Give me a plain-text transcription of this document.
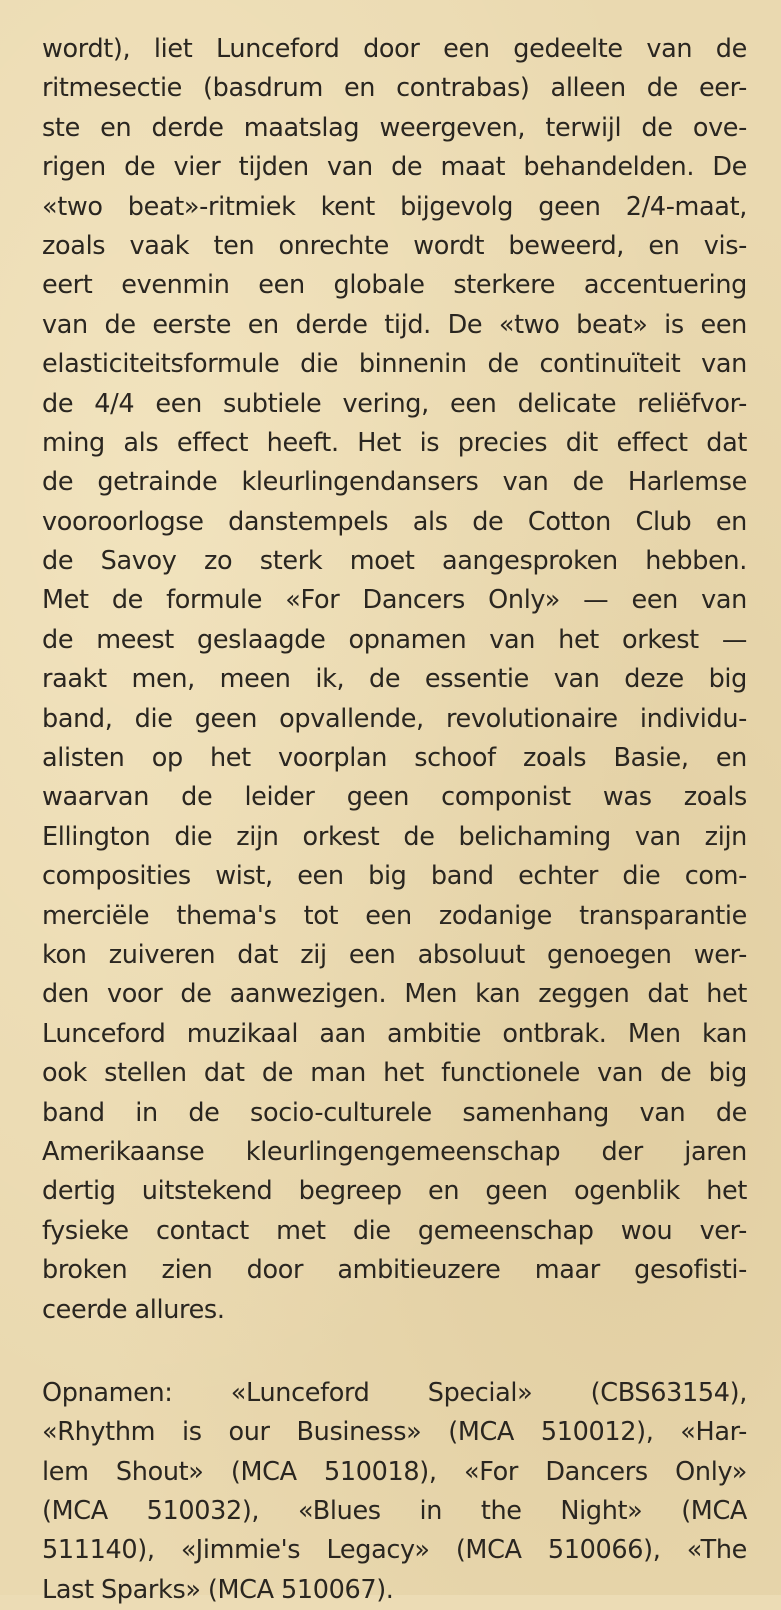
wordt), liet Lunceford door een gedeelte van de
ritmesectie (basdrum en contrabas) alleen de eer-
ste en derde maatslag weergeven, terwijl de ove-
rigen de vier tijden van de maat behandelden. De
«two beat»-ritmiek kent bijgevolg geen 2/4-maat,
zoals vaak ten onrechte wordt beweerd, en vis-
eert evenmin een globale sterkere accentuering
van de eerste en derde tijd. De «two beat» is een
elasticiteitsformule die binnenin de continuïteit van
de 4/4 een subtiele vering, een delicate reliëfvor-
ming als effect heeft. Het is precies dit effect dat
de getrainde kleurlingendansers van de Harlemse
vooroorlogse danstempels als de Cotton Club en
de Savoy zo sterk moet aangesproken hebben.
Met de formule «For Dancers Only» — een van
de meest geslaagde opnamen van het orkest —
raakt men, meen ik, de essentie van deze big
band, die geen opvallende, revolutionaire individu-
alisten op het voorplan schoof zoals Basie, en
waarvan de leider geen componist was zoals
Ellington die zijn orkest de belichaming van zijn
composities wist, een big band echter die com-
merciële thema's tot een zodanige transparantie
kon zuiveren dat zij een absoluut genoegen wer-
den voor de aanwezigen. Men kan zeggen dat het
Lunceford muzikaal aan ambitie ontbrak. Men kan
ook stellen dat de man het functionele van de big
band in de socio-culturele samenhang van de
Amerikaanse kleurlingengemeenschap der jaren
dertig uitstekend begreep en geen ogenblik het
fysieke contact met die gemeenschap wou ver-
broken zien door ambitieuzere maar gesofisti-
ceerde allures.
Opnamen: «Lunceford Special» (CBS63154),
«Rhythm is our Business» (MCA 510012), «Har-
lem Shout» (MCA 510018), «For Dancers Only»
(MCA 510032), «Blues in the Night» (MCA
511140), «Jimmie's Legacy» (MCA 510066), «The
Last Sparks» (MCA 510067).
